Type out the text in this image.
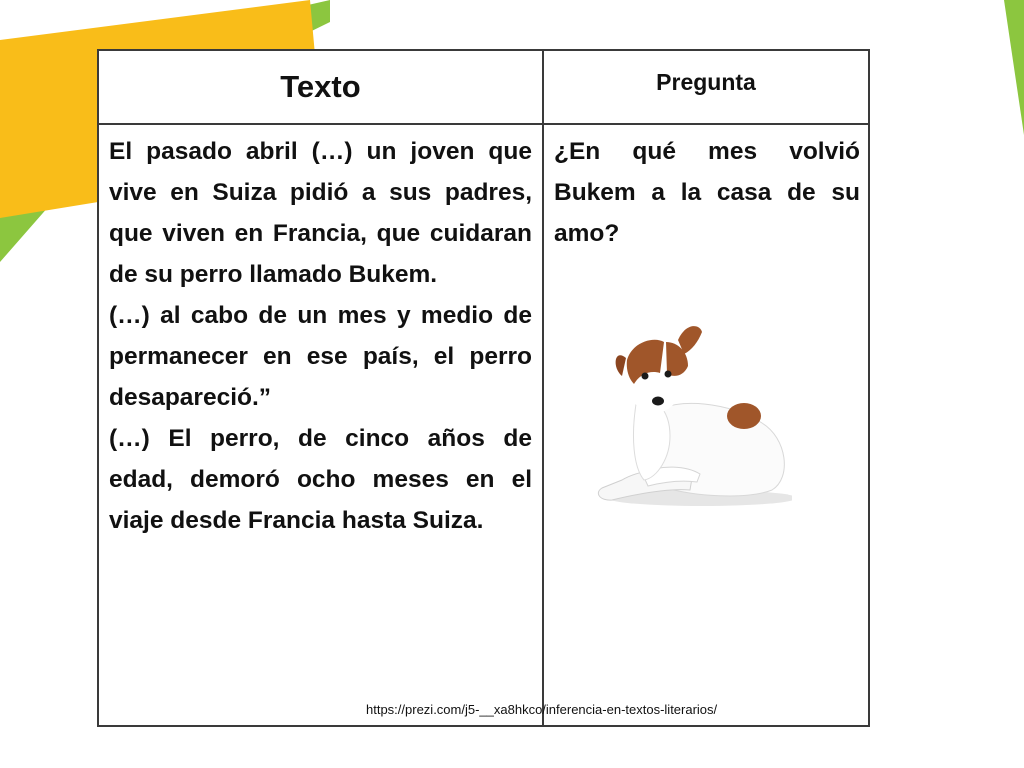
Texto	Pregunta

El pasado abril (…) un joven que vive en Suiza pidió a sus padres, que viven en Francia, que cuidaran de su perro llamado Bukem.

(…) al cabo de un mes y medio de permanecer en ese país, el perro desapareció.”

(…) El perro, de cinco años de edad, demoró ocho meses en el viaje desde Francia hasta Suiza.

¿En qué mes volvió Bukem a la casa de su amo?

https://prezi.com/j5-__xa8hkco/inferencia-en-textos-literarios/
